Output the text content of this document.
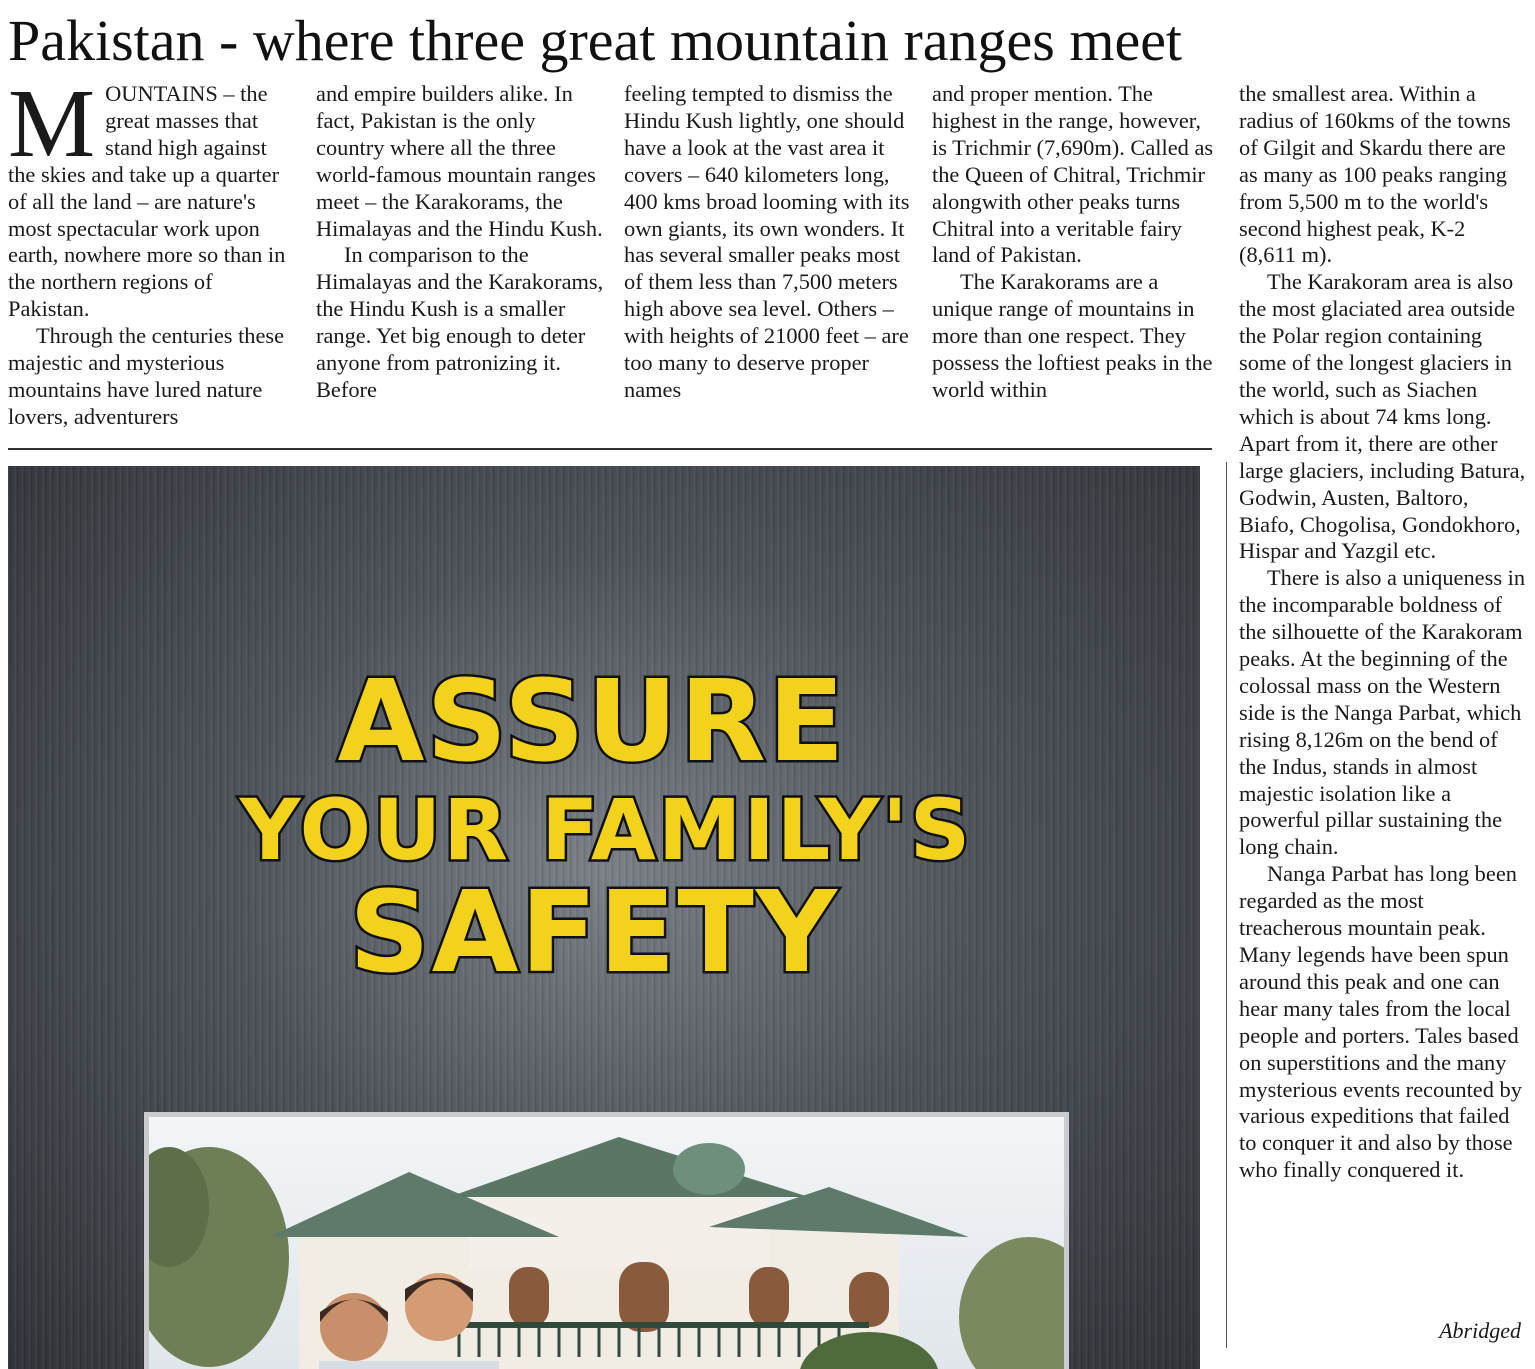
Pakistan - where three great mountain ranges meet
M OUNTAINS – the great masses that stand high against the skies and take up a quarter of all the land – are nature's most spectacular work upon earth, nowhere more so than in the northern regions of Pakistan.

Through the centuries these majestic and mysterious mountains have lured nature lovers, adventurers

and empire builders alike. In fact, Pakistan is the only country where all the three world-famous mountain ranges meet – the Karakorams, the Himalayas and the Hindu Kush.

In comparison to the Himalayas and the Karakorams, the Hindu Kush is a smaller range. Yet big enough to deter anyone from patronizing it. Before

feeling tempted to dismiss the Hindu Kush lightly, one should have a look at the vast area it covers – 640 kilometers long, 400 kms broad looming with its own giants, its own wonders. It has several smaller peaks most of them less than 7,500 meters high above sea level. Others – with heights of 21000 feet – are too many to deserve proper names

and proper mention. The highest in the range, however, is Trichmir (7,690m). Called as the Queen of Chitral, Trichmir alongwith other peaks turns Chitral into a veritable fairy land of Pakistan.

The Karakorams are a unique range of mountains in more than one respect. They possess the loftiest peaks in the world within

the smallest area. Within a radius of 160kms of the towns of Gilgit and Skardu there are as many as 100 peaks ranging from 5,500 m to the world's second highest peak, K-2 (8,611 m).

The Karakoram area is also the most glaciated area outside the Polar region containing some of the longest glaciers in the world, such as Siachen which is about 74 kms long. Apart from it, there are other large glaciers, including Batura, Godwin, Austen, Baltoro, Biafo, Chogolisa, Gondokhoro, Hispar and Yazgil etc.

There is also a uniqueness in the incomparable boldness of the silhouette of the Karakoram peaks. At the beginning of the colossal mass on the Western side is the Nanga Parbat, which rising 8,126m on the bend of the Indus, stands in almost majestic isolation like a powerful pillar sustaining the long chain.

Nanga Parbat has long been regarded as the most treacherous mountain peak. Many legends have been spun around this peak and one can hear many tales from the local people and porters. Tales based on superstitions and the many mysterious events recounted by various expeditions that failed to conquer it and also by those who finally conquered it.

Abridged
ASSURE
YOUR FAMILY'S
SAFETY
